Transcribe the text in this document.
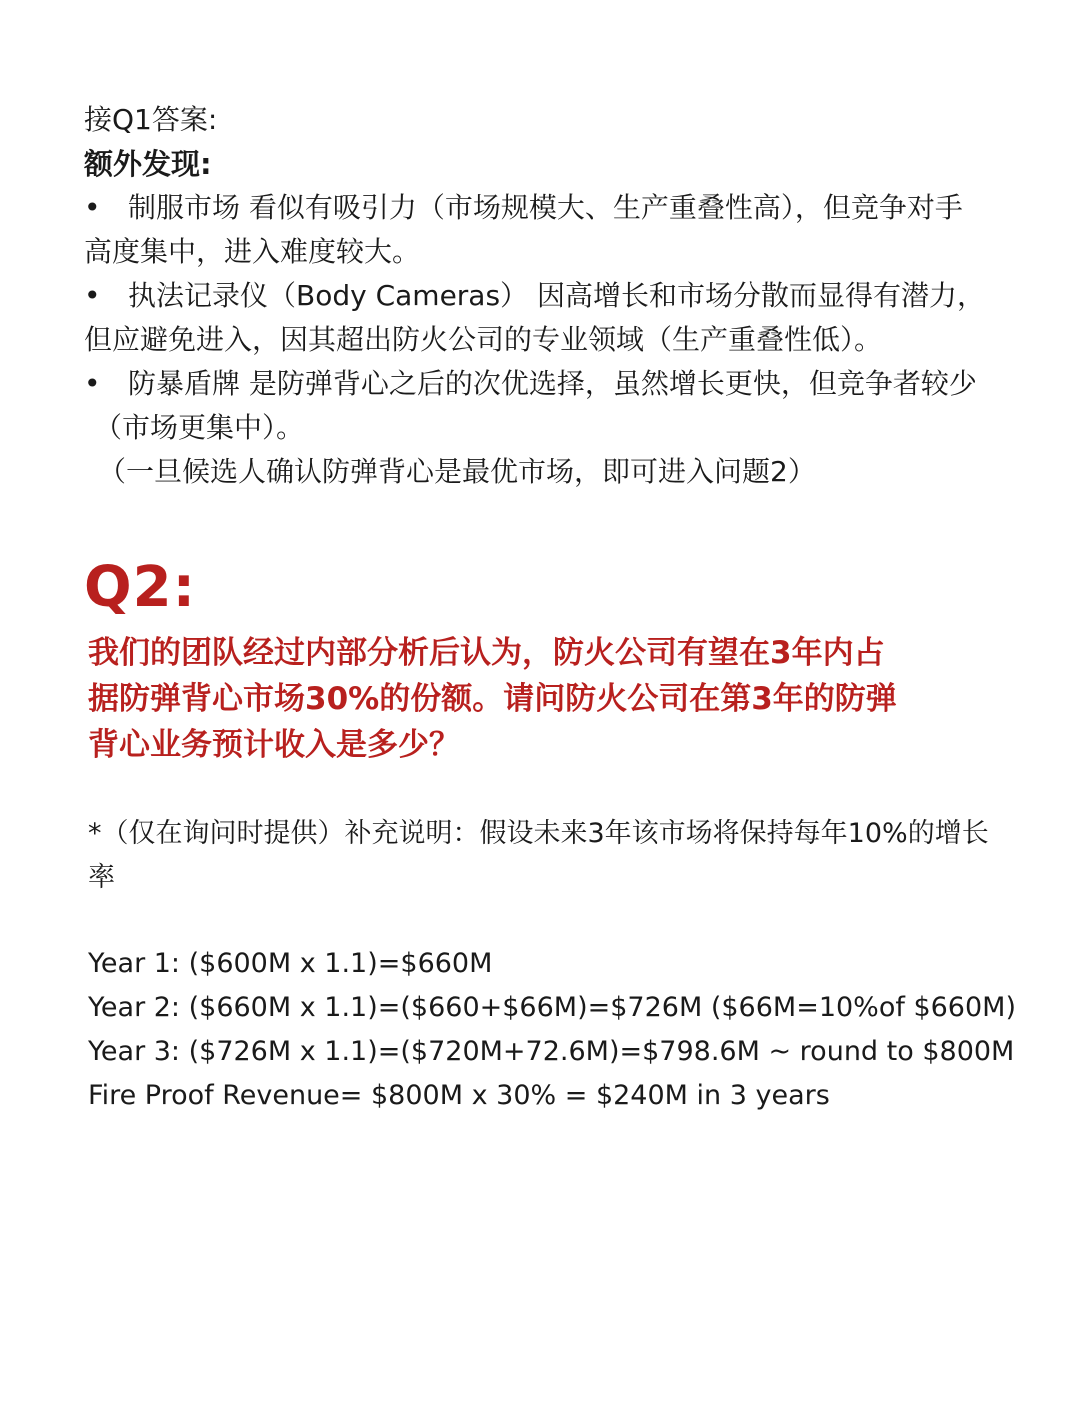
接Q1答案:
额外发现:
• 制服市场 看似有吸引力（市场规模大、生产重叠性高），但竞争对手
高度集中，进入难度较大。
• 执法记录仪（Body Cameras） 因高增长和市场分散而显得有潜力，
但应避免进入，因其超出防火公司的专业领域（生产重叠性低）。
• 防暴盾牌 是防弹背心之后的次优选择，虽然增长更快，但竞争者较少
（市场更集中）。
（一旦候选人确认防弹背心是最优市场，即可进入问题2）
Q2:
我们的团队经过内部分析后认为，防火公司有望在3年内占
据防弹背心市场30%的份额。请问防火公司在第3年的防弹
背心业务预计收入是多少？
*（仅在询问时提供）补充说明：假设未来3年该市场将保持每年10%的增长
率
Year 1: ($600M x 1.1)=$660M
Year 2: ($660M x 1.1)=($660+$66M)=$726M ($66M=10%of $660M)
Year 3: ($726M x 1.1)=($720M+72.6M)=$798.6M ~ round to $800M
Fire Proof Revenue= $800M x 30% = $240M in 3 years
